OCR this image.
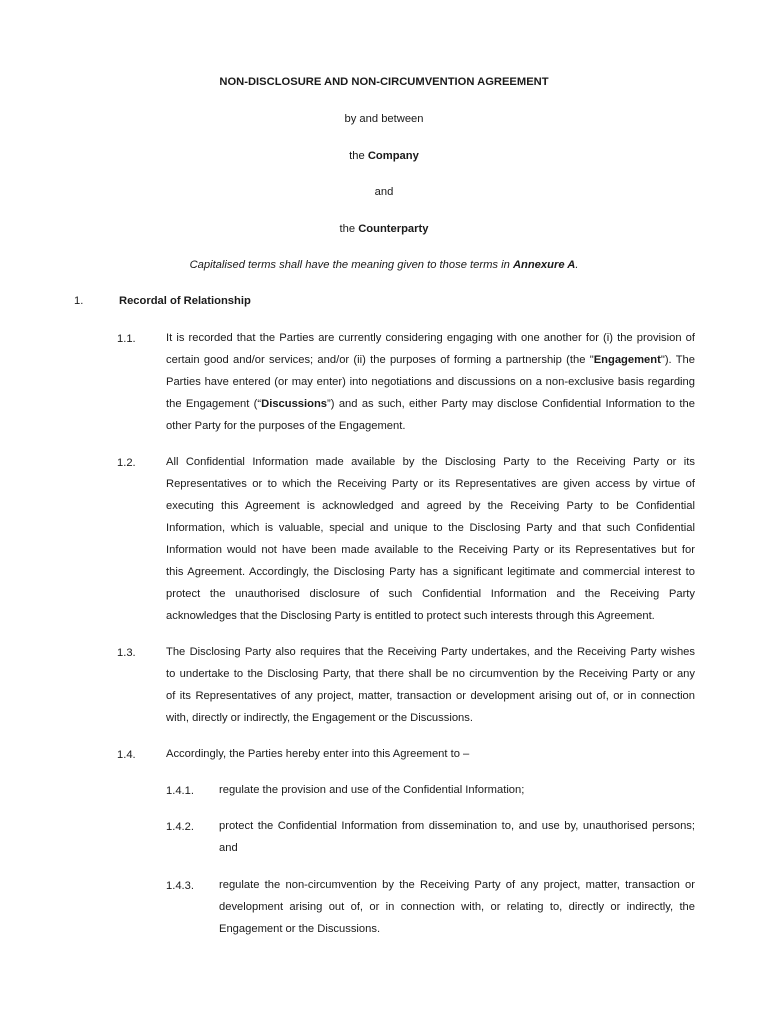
NON-DISCLOSURE AND NON-CIRCUMVENTION AGREEMENT
by and between
the Company
and
the Counterparty
Capitalised terms shall have the meaning given to those terms in Annexure A.
1.	Recordal of Relationship
1.1.	It is recorded that the Parties are currently considering engaging with one another for (i) the provision of
certain good and/or services; and/or (ii) the purposes of forming a partnership (the "Engagement"). The
Parties have entered (or may enter) into negotiations and discussions on a non-exclusive basis regarding
the Engagement (“Discussions”) and as such, either Party may disclose Confidential Information to the
other Party for the purposes of the Engagement.
1.2.	All Confidential Information made available by the Disclosing Party to the Receiving Party or its
Representatives or to which the Receiving Party or its Representatives are given access by virtue of
executing this Agreement is acknowledged and agreed by the Receiving Party to be Confidential
Information, which is valuable, special and unique to the Disclosing Party and that such Confidential
Information would not have been made available to the Receiving Party or its Representatives but for
this Agreement. Accordingly, the Disclosing Party has a significant legitimate and commercial interest to
protect the unauthorised disclosure of such Confidential Information and the Receiving Party
acknowledges that the Disclosing Party is entitled to protect such interests through this Agreement.
1.3.	The Disclosing Party also requires that the Receiving Party undertakes, and the Receiving Party wishes
to undertake to the Disclosing Party, that there shall be no circumvention by the Receiving Party or any
of its Representatives of any project, matter, transaction or development arising out of, or in connection
with, directly or indirectly, the Engagement or the Discussions.
1.4.	Accordingly, the Parties hereby enter into this Agreement to –
1.4.1. regulate the provision and use of the Confidential Information;
1.4.2. protect the Confidential Information from dissemination to, and use by, unauthorised persons;
and
1.4.3. regulate the non-circumvention by the Receiving Party of any project, matter, transaction or
development arising out of, or in connection with, or relating to, directly or indirectly, the
Engagement or the Discussions.
